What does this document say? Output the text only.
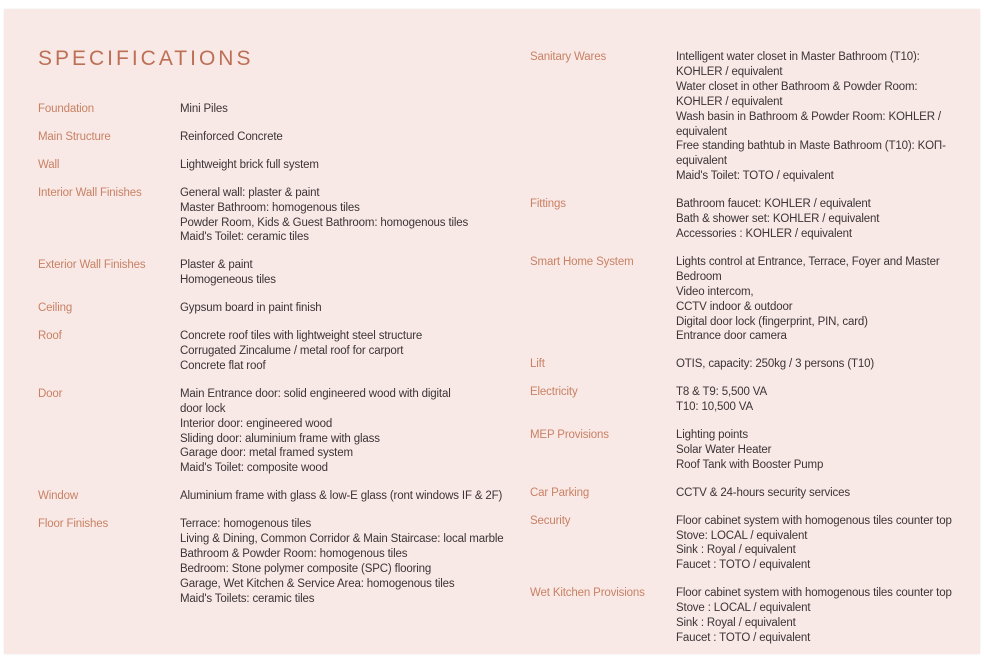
SPECIFICATIONS
Foundation	Mini Piles
Main Structure	Reinforced Concrete
Wall	Lightweight brick full system
Interior Wall Finishes	General wall: plaster & paint
Master Bathroom: homogenous tiles
Powder Room, Kids & Guest Bathroom: homogenous tiles
Maid's Toilet: ceramic tiles
Exterior Wall Finishes	Plaster & paint
Homogeneous tiles
Ceiling	Gypsum board in paint finish
Roof	Concrete roof tiles with lightweight steel structure
Corrugated Zincalume / metal roof for carport
Concrete flat roof
Door	Main Entrance door: solid engineered wood with digital
door lock
Interior door: engineered wood
Sliding door: aluminium frame with glass
Garage door: metal framed system
Maid's Toilet: composite wood
Window	Aluminium frame with glass & low-E glass (ront windows IF & 2F)
Floor Finishes	Terrace: homogenous tiles
Living & Dining, Common Corridor & Main Staircase: local marble
Bathroom & Powder Room: homogenous tiles
Bedroom: Stone polymer composite (SPC) flooring
Garage, Wet Kitchen & Service Area: homogenous tiles
Maid's Toilets: ceramic tiles
Sanitary Wares	Intelligent water closet in Master Bathroom (T10):
KOHLER / equivalent
Water closet in other Bathroom & Powder Room:
KOHLER / equivalent
Wash basin in Bathroom & Powder Room: KOHLER /
equivalent
Free standing bathtub in Maste Bathroom (T10): KOΠ-
equivalent
Maid's Toilet: TOTO / equivalent
Fittings	Bathroom faucet: KOHLER / equivalent
Bath & shower set: KOHLER / equivalent
Accessories : KOHLER / equivalent
Smart Home System	Lights control at Entrance, Terrace, Foyer and Master
Bedroom
Video intercom,
CCTV indoor & outdoor
Digital door lock (fingerprint, PIN, card)
Entrance door camera
Lift	OTIS, capacity: 250kg / 3 persons (T10)
Electricity	T8 & T9: 5,500 VA
T10: 10,500 VA
MEP Provisions	Lighting points
Solar Water Heater
Roof Tank with Booster Pump
Car Parking	CCTV & 24-hours security services
Security	Floor cabinet system with homogenous tiles counter top
Stove: LOCAL / equivalent
Sink : Royal / equivalent
Faucet : TOTO / equivalent
Wet Kitchen Provisions	Floor cabinet system with homogenous tiles counter top
Stove : LOCAL / equivalent
Sink : Royal / equivalent
Faucet : TOTO / equivalent
